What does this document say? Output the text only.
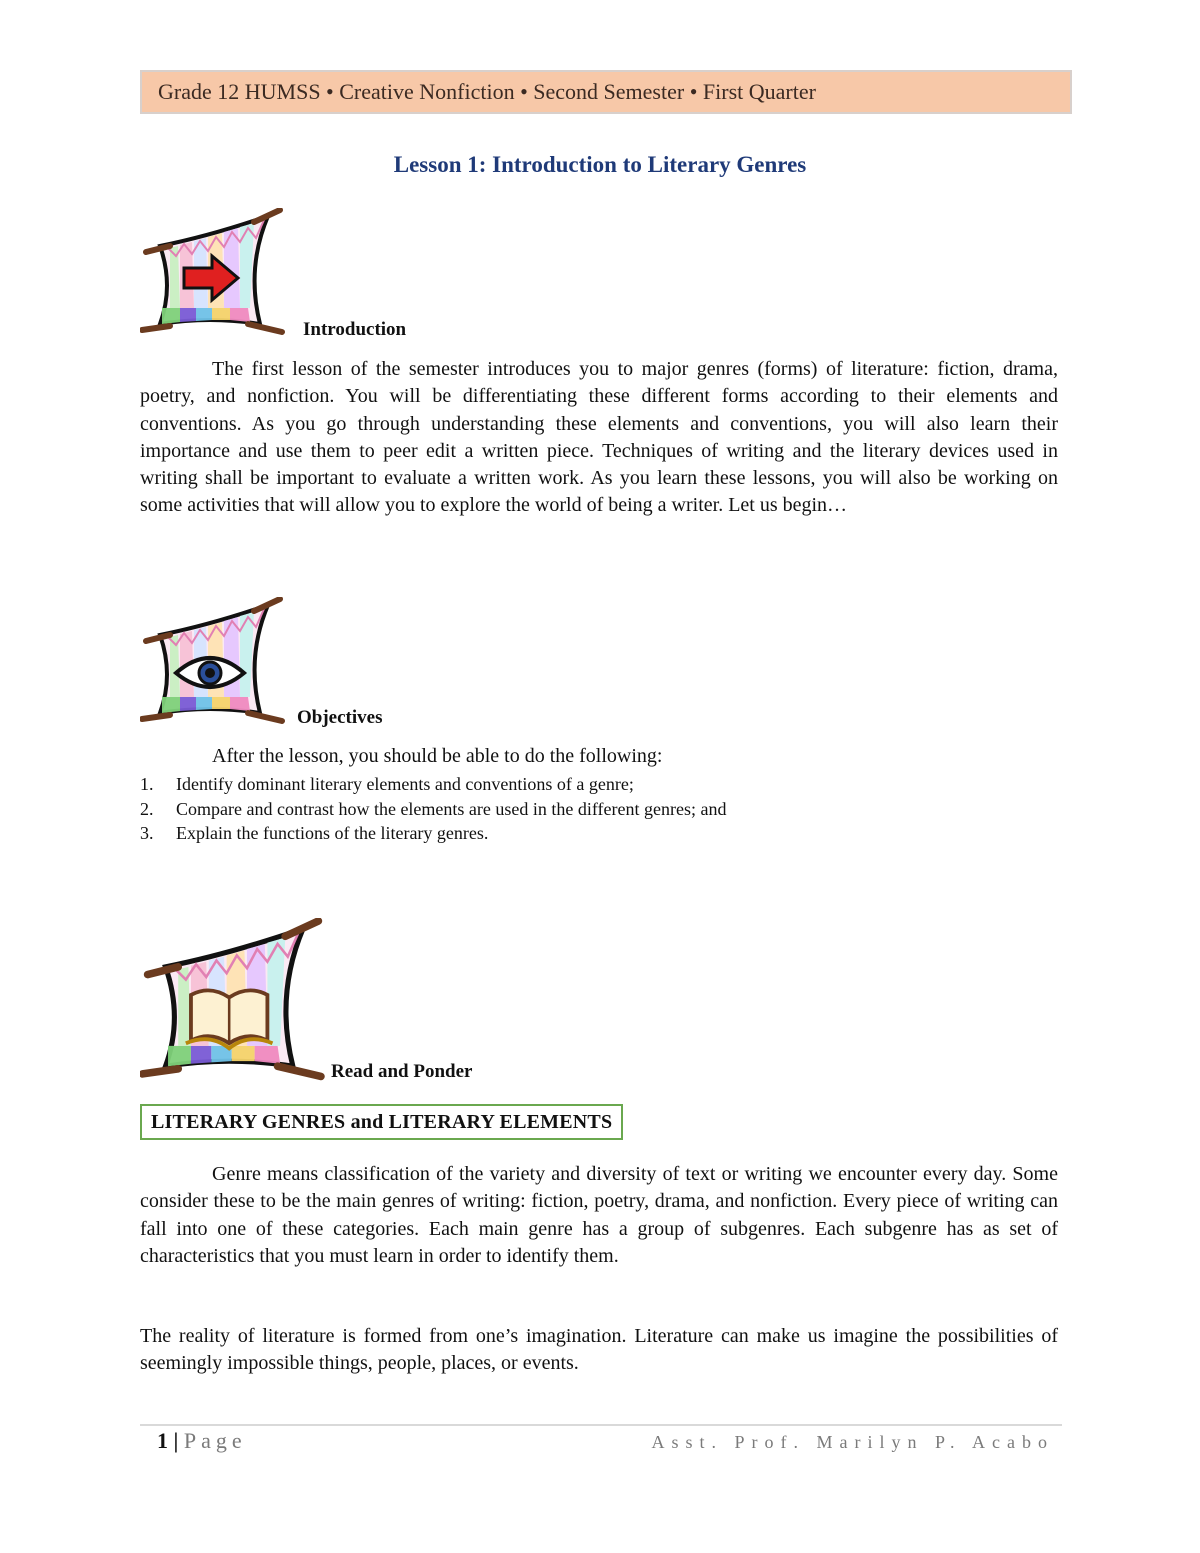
Grade 12 HUMSS • Creative Nonfiction • Second Semester • First Quarter
Lesson 1: Introduction to Literary Genres
Introduction

The first lesson of the semester introduces you to major genres (forms) of literature: fiction, drama, poetry, and nonfiction. You will be differentiating these different forms according to their elements and conventions. As you go through understanding these elements and conventions, you will also learn their importance and use them to peer edit a written piece. Techniques of writing and the literary devices used in writing shall be important to evaluate a written work. As you learn these lessons, you will also be working on some activities that will allow you to explore the world of being a writer. Let us begin…

Objectives
After the lesson, you should be able to do the following:
1. Identify dominant literary elements and conventions of a genre;
2. Compare and contrast how the elements are used in the different genres; and
3. Explain the functions of the literary genres.
Read and Ponder
LITERARY GENRES and LITERARY ELEMENTS

Genre means classification of the variety and diversity of text or writing we encounter every day. Some consider these to be the main genres of writing: fiction, poetry, drama, and nonfiction. Every piece of writing can fall into one of these categories. Each main genre has a group of subgenres. Each subgenre has as set of characteristics that you must learn in order to identify them.

The reality of literature is formed from one’s imagination. Literature can make us imagine the possibilities of seemingly impossible things, people, places, or events.

1 | Page	Asst. Prof. Marilyn P. Acabo
